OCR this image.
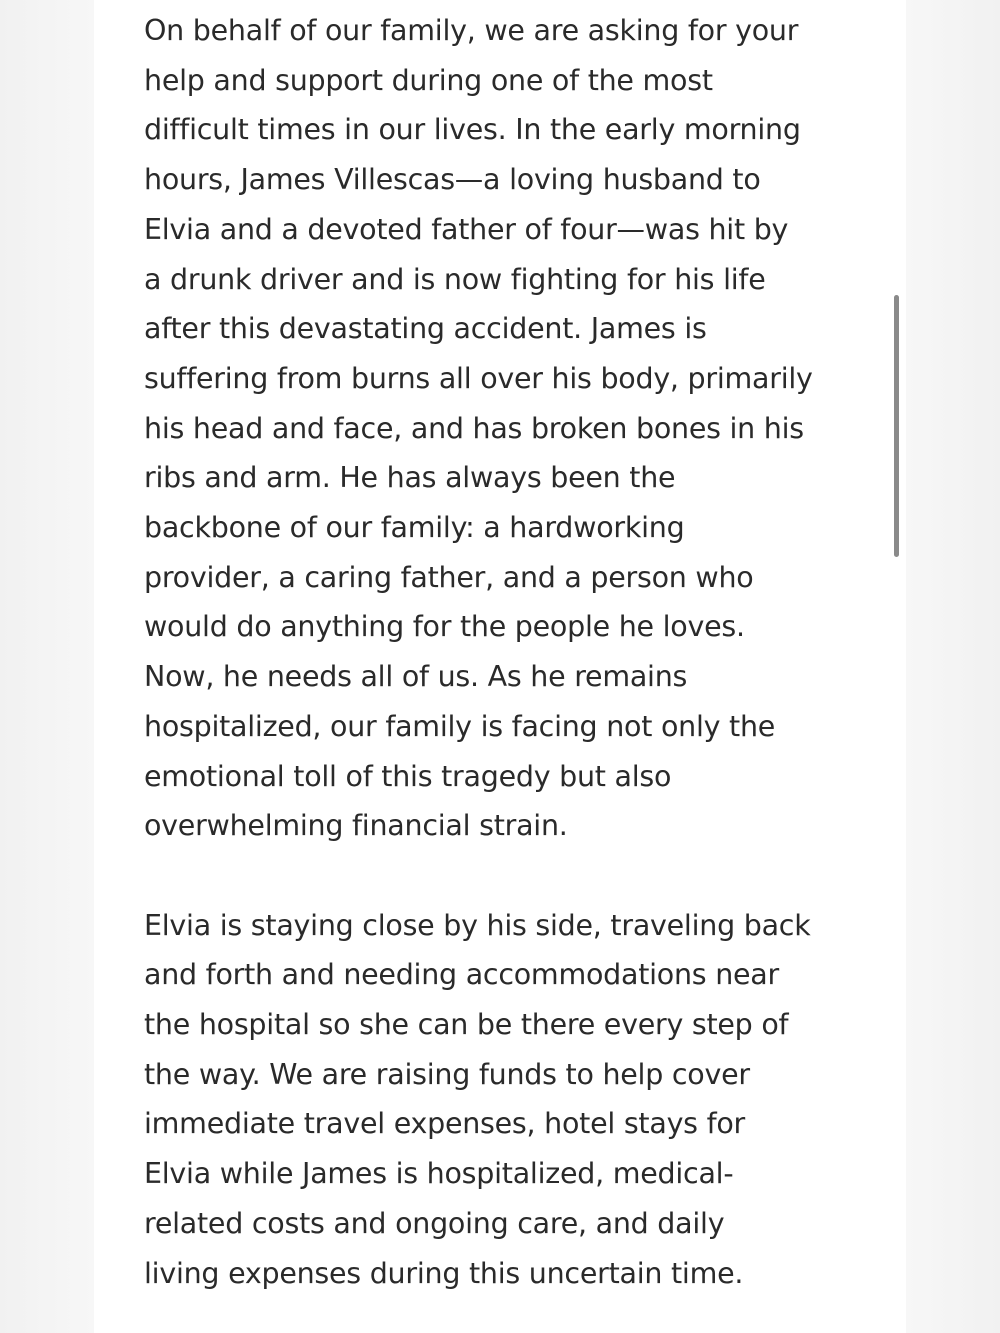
On behalf of our family, we are asking for your

help and support during one of the most

difficult times in our lives. In the early morning

hours, James Villescas—a loving husband to

Elvia and a devoted father of four—was hit by

a drunk driver and is now fighting for his life

after this devastating accident. James is

suffering from burns all over his body, primarily

his head and face, and has broken bones in his

ribs and arm. He has always been the

backbone of our family: a hardworking

provider, a caring father, and a person who

would do anything for the people he loves.

Now, he needs all of us. As he remains

hospitalized, our family is facing not only the

emotional toll of this tragedy but also

overwhelming financial strain.

Elvia is staying close by his side, traveling back

and forth and needing accommodations near

the hospital so she can be there every step of

the way. We are raising funds to help cover

immediate travel expenses, hotel stays for

Elvia while James is hospitalized, medical-

related costs and ongoing care, and daily

living expenses during this uncertain time.
